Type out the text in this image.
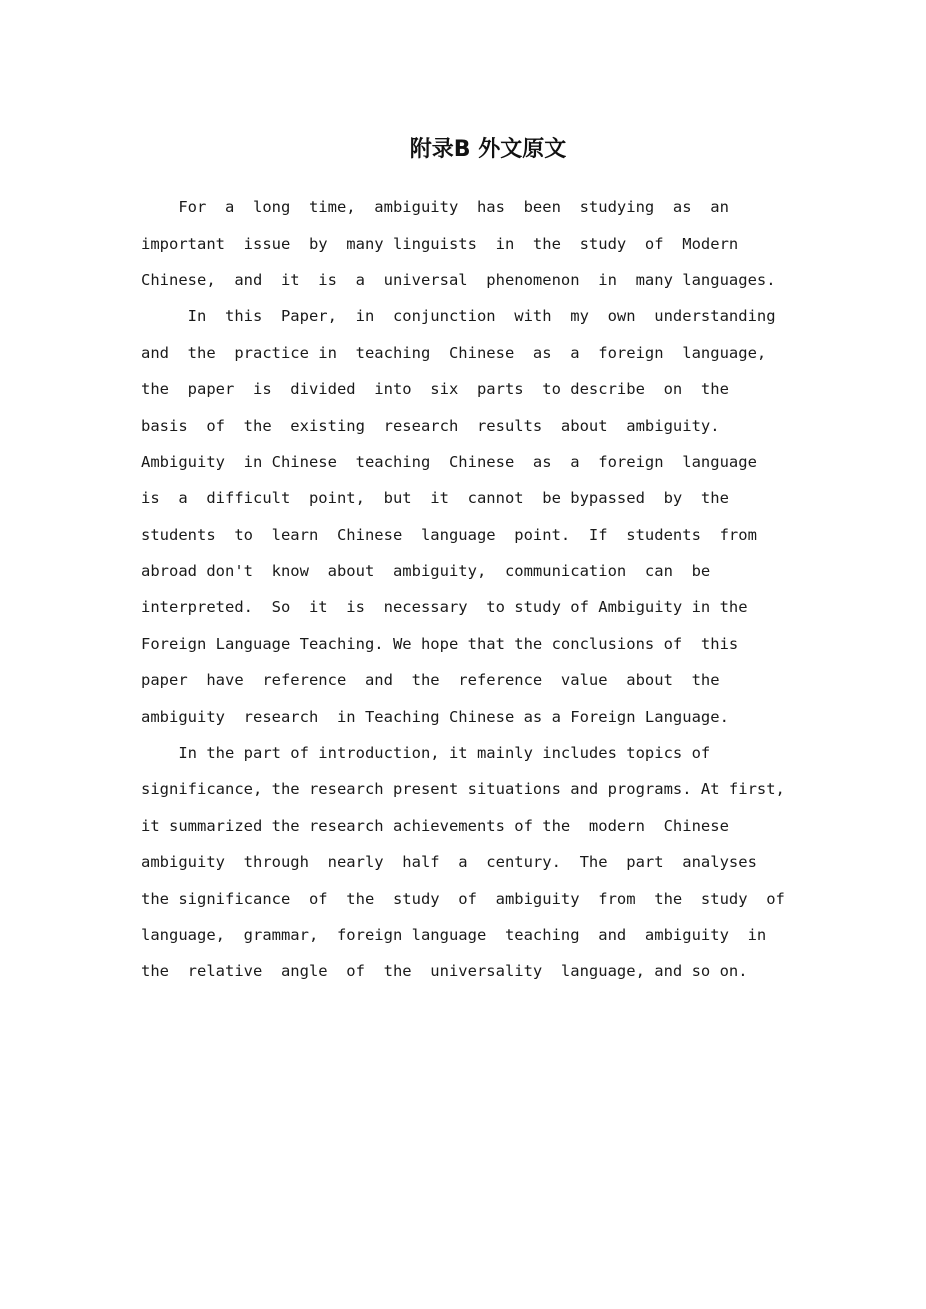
附录B 外文原文
For  a  long  time,  ambiguity  has  been  studying  as  an
important  issue  by  many linguists  in  the  study  of  Modern
Chinese,  and  it  is  a  universal  phenomenon  in  many languages.
In  this  Paper,  in  conjunction  with  my  own  understanding
and  the  practice in  teaching  Chinese  as  a  foreign  language,
the  paper  is  divided  into  six  parts  to describe  on  the
basis  of  the  existing  research  results  about  ambiguity.
Ambiguity  in Chinese  teaching  Chinese  as  a  foreign  language
is  a  difficult  point,  but  it  cannot  be bypassed  by  the
students  to  learn  Chinese  language  point.  If  students  from
abroad don't  know  about  ambiguity,  communication  can  be
interpreted.  So  it  is  necessary  to study of Ambiguity in the
Foreign Language Teaching. We hope that the conclusions of  this
paper  have  reference  and  the  reference  value  about  the
ambiguity  research  in Teaching Chinese as a Foreign Language.
In the part of introduction, it mainly includes topics of
significance, the research present situations and programs. At first,
it summarized the research achievements of the  modern  Chinese
ambiguity  through  nearly  half  a  century.  The  part  analyses
the significance  of  the  study  of  ambiguity  from  the  study  of
language,  grammar,  foreign language  teaching  and  ambiguity  in
the  relative  angle  of  the  universality  language, and so on.
